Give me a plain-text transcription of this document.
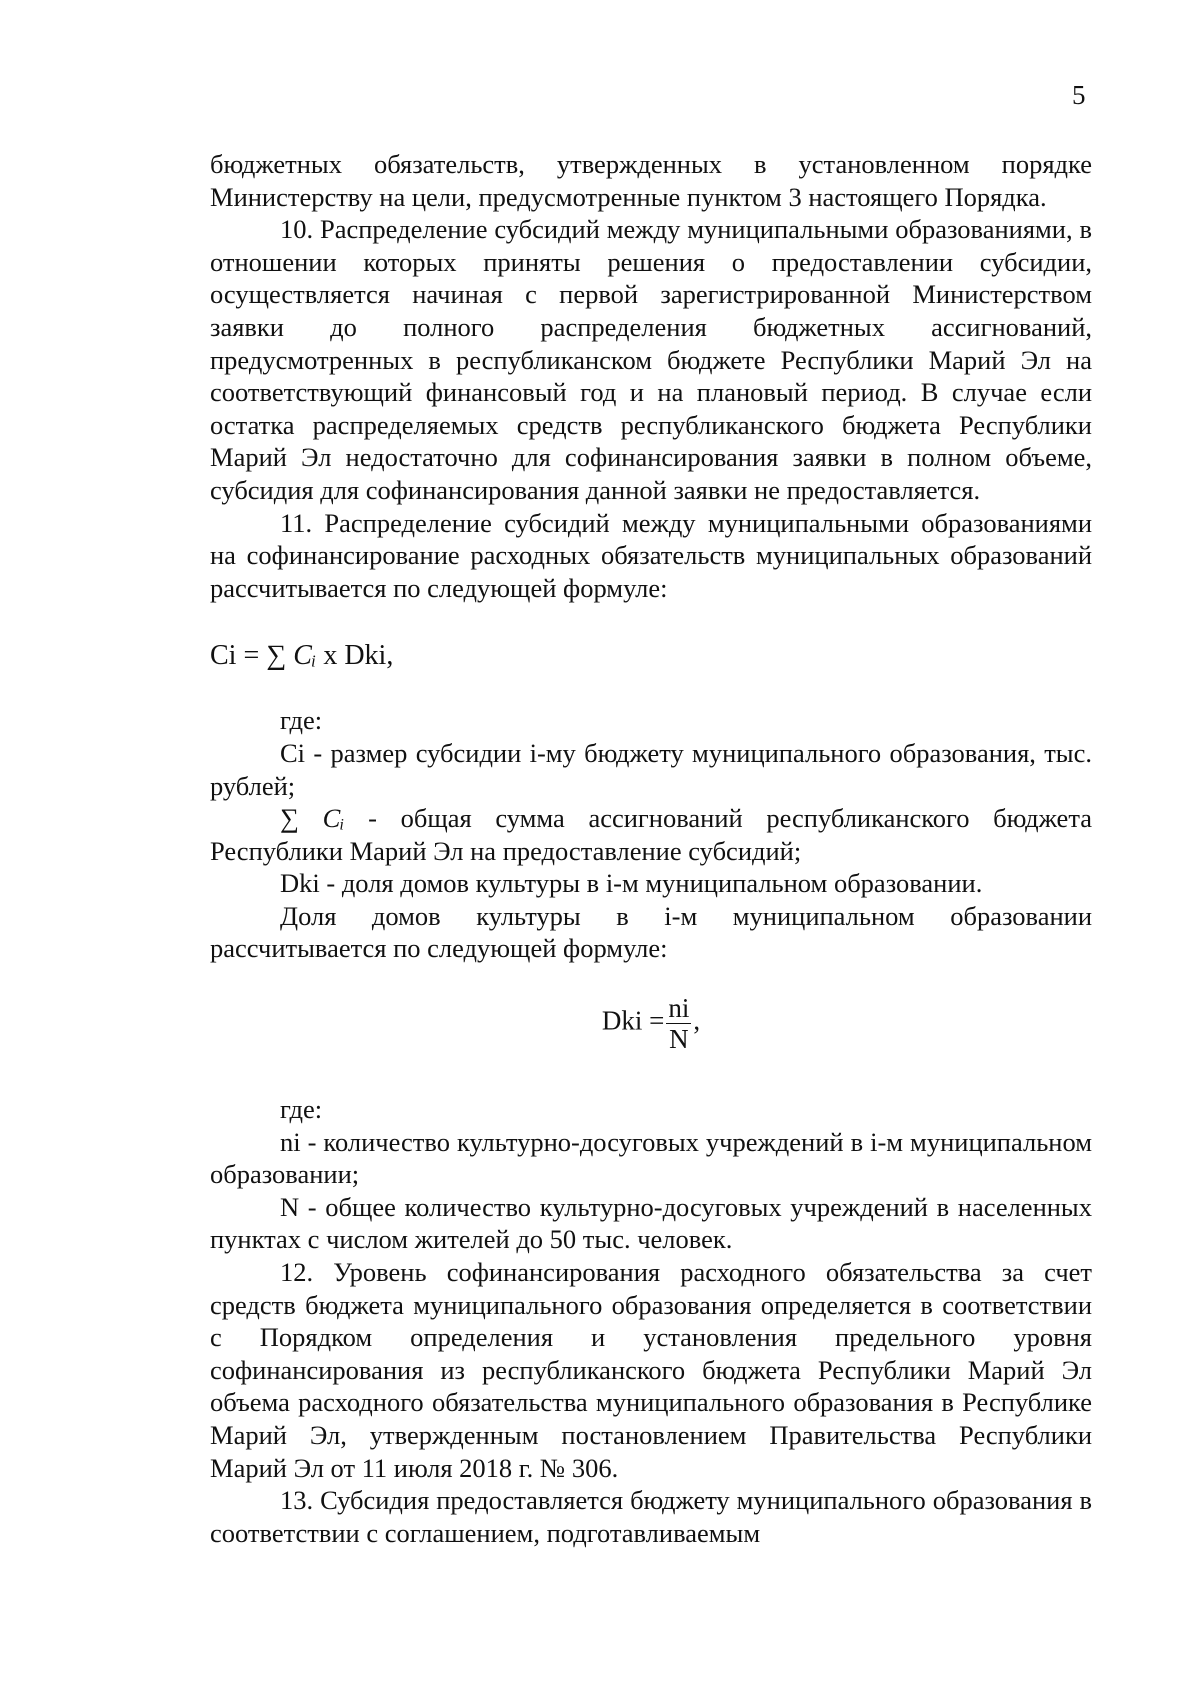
5

бюджетных обязательств, утвержденных в установленном порядке Министерству на цели, предусмотренные пунктом 3 настоящего Порядка.

10. Распределение субсидий между муниципальными образованиями, в отношении которых приняты решения о предоставлении субсидии, осуществляется начиная с первой зарегистрированной Министерством заявки до полного распределения бюджетных ассигнований, предусмотренных в республиканском бюджете Республики Марий Эл на соответствующий финансовый год и на плановый период. В случае если остатка распределяемых средств республиканского бюджета Республики Марий Эл недостаточно для софинансирования заявки в полном объеме, субсидия для софинансирования данной заявки не предоставляется.

11. Распределение субсидий между муниципальными образованиями на софинансирование расходных обязательств муниципальных образований рассчитывается по следующей формуле:

Ci = ∑ Cᵢ x Dki,

где:

Ci - размер субсидии i-му бюджету муниципального образования, тыс. рублей;

∑ Cᵢ - общая сумма ассигнований республиканского бюджета Республики Марий Эл на предоставление субсидий;

Dki - доля домов культуры в i-м муниципальном образовании.

Доля домов культуры в i-м муниципальном образовании рассчитывается по следующей формуле:

Dki = $\frac{ni}{N}$ ,

где:

ni - количество культурно-досуговых учреждений в i-м муниципальном образовании;

N - общее количество культурно-досуговых учреждений в населенных пунктах с числом жителей до 50 тыс. человек.

12. Уровень софинансирования расходного обязательства за счет средств бюджета муниципального образования определяется в соответствии с Порядком определения и установления предельного уровня софинансирования из республиканского бюджета Республики Марий Эл объема расходного обязательства муниципального образования в Республике Марий Эл, утвержденным постановлением Правительства Республики Марий Эл от 11 июля 2018 г. № 306.

13. Субсидия предоставляется бюджету муниципального образования в соответствии с соглашением, подготавливаемым
